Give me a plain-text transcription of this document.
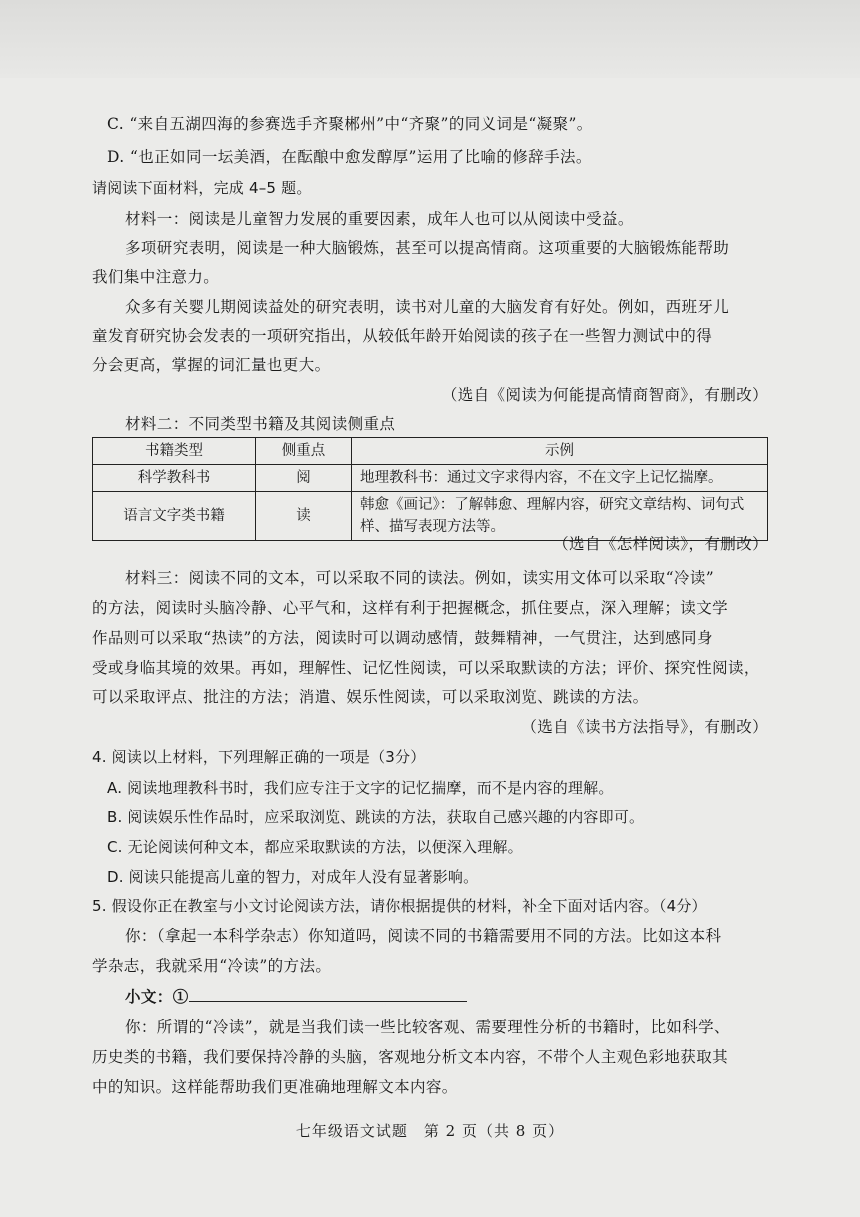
C. “来自五湖四海的参赛选手齐聚郴州”中“齐聚”的同义词是“凝聚”。
D. “也正如同一坛美酒，在酝酿中愈发醇厚”运用了比喻的修辞手法。
请阅读下面材料，完成 4–5 题。
材料一：阅读是儿童智力发展的重要因素，成年人也可以从阅读中受益。
多项研究表明，阅读是一种大脑锻炼，甚至可以提高情商。这项重要的大脑锻炼能帮助
我们集中注意力。
众多有关婴儿期阅读益处的研究表明，读书对儿童的大脑发育有好处。例如，西班牙儿
童发育研究协会发表的一项研究指出，从较低年龄开始阅读的孩子在一些智力测试中的得
分会更高，掌握的词汇量也更大。
（选自《阅读为何能提高情商智商》，有删改）
材料二：不同类型书籍及其阅读侧重点
书籍类型	侧重点	示例
科学教科书	阅	地理教科书：通过文字求得内容，不在文字上记忆揣摩。
语言文字类书籍	读	韩愈《画记》：了解韩愈、理解内容，研究文章结构、词句式样、描写表现方法等。
（选自《怎样阅读》，有删改）
材料三：阅读不同的文本，可以采取不同的读法。例如，读实用文体可以采取“冷读”
的方法，阅读时头脑冷静、心平气和，这样有利于把握概念，抓住要点，深入理解；读文学
作品则可以采取“热读”的方法，阅读时可以调动感情，鼓舞精神，一气贯注，达到感同身
受或身临其境的效果。再如，理解性、记忆性阅读，可以采取默读的方法；评价、探究性阅读，
可以采取评点、批注的方法；消遣、娱乐性阅读，可以采取浏览、跳读的方法。
（选自《读书方法指导》，有删改）
4. 阅读以上材料，下列理解正确的一项是（3分）
A. 阅读地理教科书时，我们应专注于文字的记忆揣摩，而不是内容的理解。
B. 阅读娱乐性作品时，应采取浏览、跳读的方法，获取自己感兴趣的内容即可。
C. 无论阅读何种文本，都应采取默读的方法，以便深入理解。
D. 阅读只能提高儿童的智力，对成年人没有显著影响。
5. 假设你正在教室与小文讨论阅读方法，请你根据提供的材料，补全下面对话内容。（4分）
你：（拿起一本科学杂志）你知道吗，阅读不同的书籍需要用不同的方法。比如这本科
学杂志，我就采用“冷读”的方法。
小文：①
你：所谓的“冷读”，就是当我们读一些比较客观、需要理性分析的书籍时，比如科学、
历史类的书籍，我们要保持冷静的头脑，客观地分析文本内容，不带个人主观色彩地获取其
中的知识。这样能帮助我们更准确地理解文本内容。
七年级语文试题　第 2 页（共 8 页）
